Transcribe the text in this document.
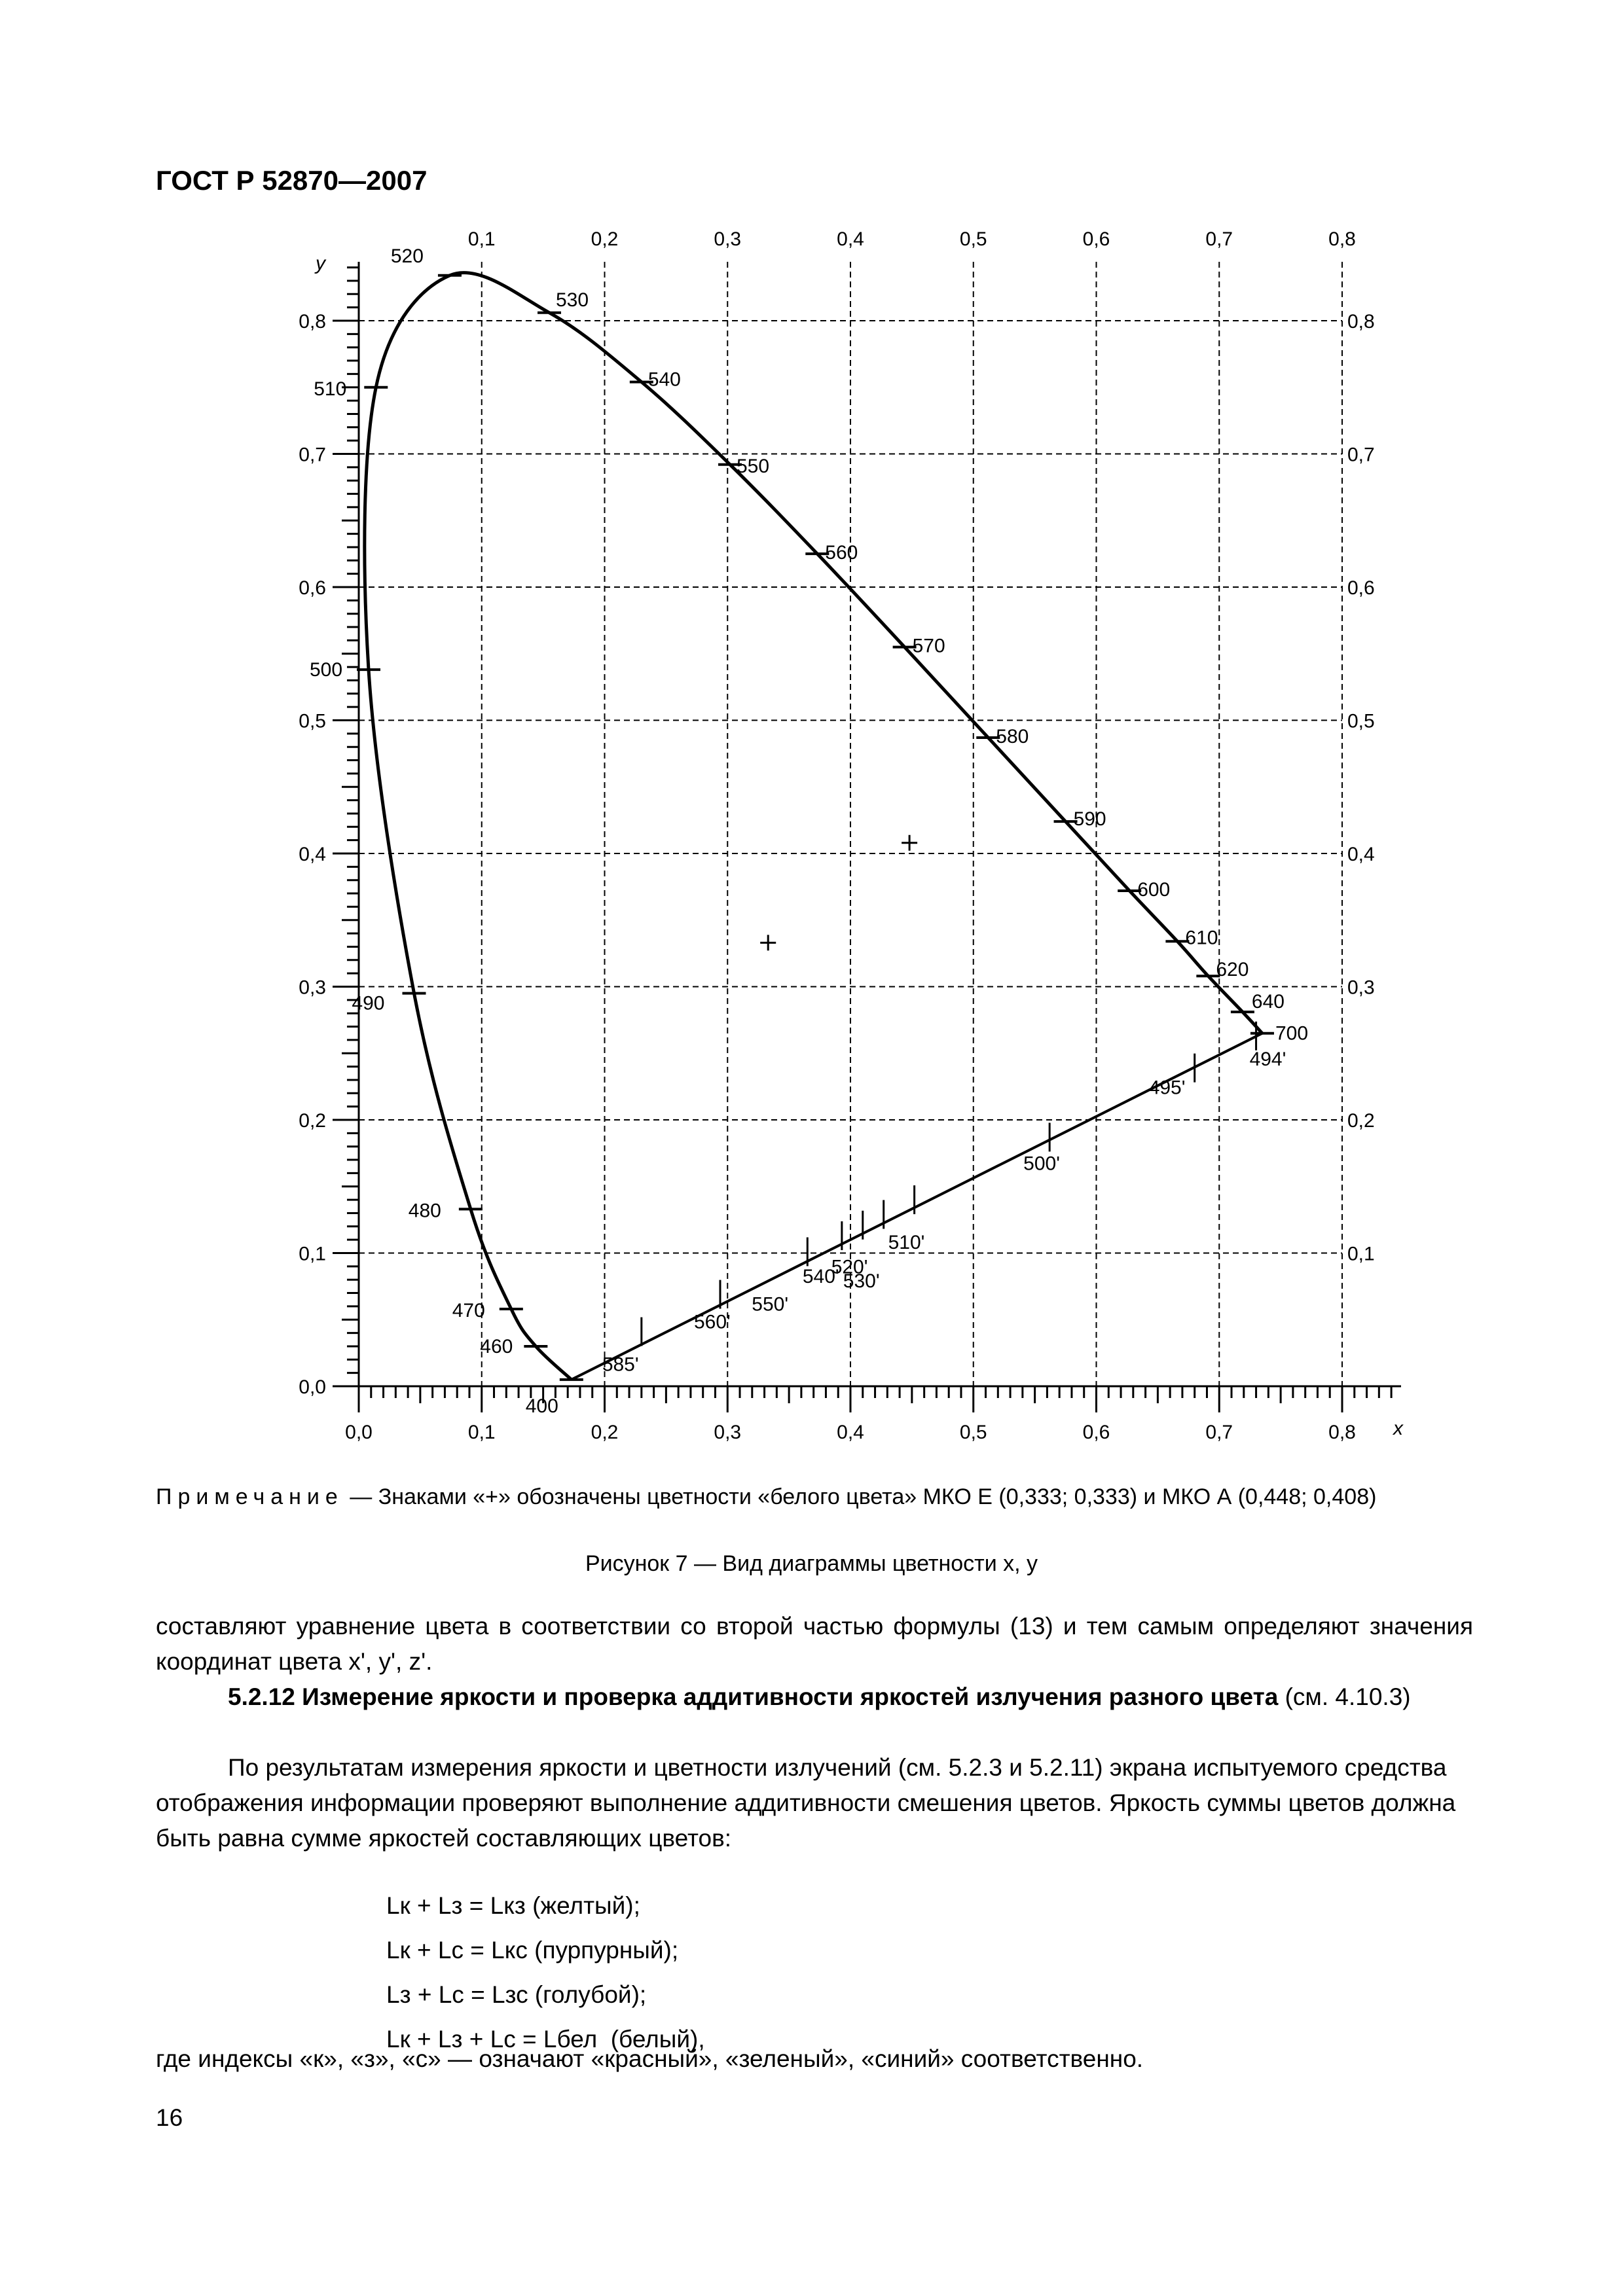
ГОСТ Р 52870—2007
0,0	0,1	0,2	0,3	0,4	0,5	0,6	0,7	0,8
0,1	0,2	0,3	0,4	0,5	0,6	0,7	0,8
0,0
0,1
0,2
0,3
0,4
0,5
0,6
0,7
0,8
0,1
0,2
0,3
0,4
0,5
0,6
0,7
0,8
y
x
400
460
470
480
490
500
510
520
530
540
550
560
570
580
590
600
610
620
640
700
494'
495'
500'
510'
520'
530'
540'
550'
560'
585'
Примечание — Знаками «+» обозначены цветности «белого цвета» МКО Е (0,333; 0,333) и МКО А (0,448; 0,408)
Рисунок 7 — Вид диаграммы цветности x, y
составляют уравнение цвета в соответствии со второй частью формулы (13) и тем самым определяют значения координат цвета x', y', z'.
5.2.12 Измерение яркости и проверка аддитивности яркостей излучения разного цвета (см. 4.10.3)
По результатам измерения яркости и цветности излучений (см. 5.2.3 и 5.2.11) экрана испытуемого средства отображения информации проверяют выполнение аддитивности смешения цветов. Яркость суммы цветов должна быть равна сумме яркостей составляющих цветов:
Lк + Lз = Lкз (желтый);
Lк + Lс = Lкс (пурпурный);
Lз + Lс = Lзс (голубой);
Lк + Lз + Lс = Lбел  (белый),
где индексы «к», «з», «с» — означают «красный», «зеленый», «синий» соответственно.
16
